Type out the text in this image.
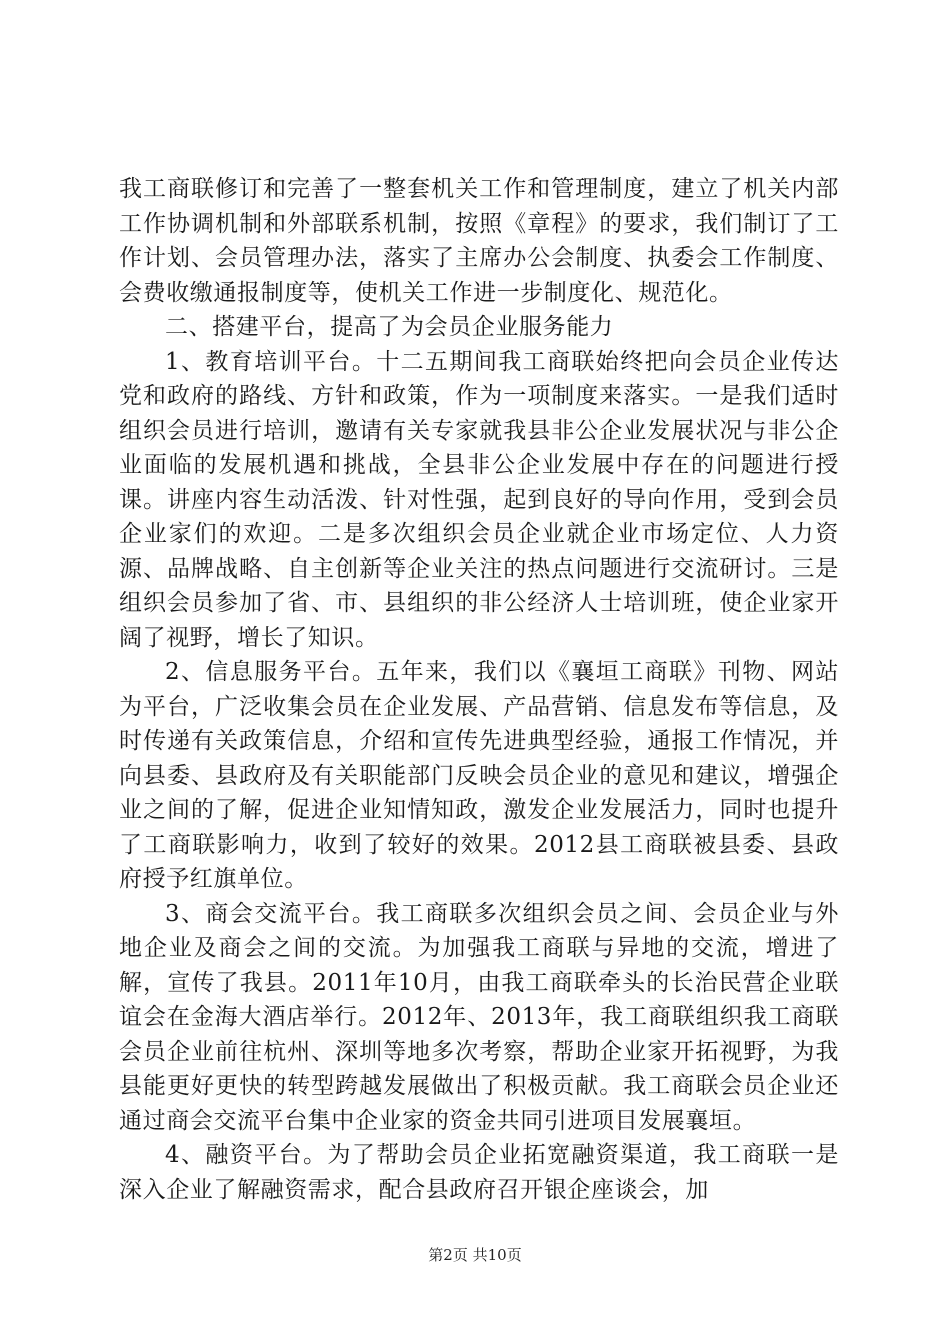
我工商联修订和完善了一整套机关工作和管理制度，建立了机关内部工作协调机制和外部联系机制，按照《章程》的要求，我们制订了工作计划、会员管理办法，落实了主席办公会制度、执委会工作制度、会费收缴通报制度等，使机关工作进一步制度化、规范化。

二、搭建平台，提高了为会员企业服务能力

1、教育培训平台。十二五期间我工商联始终把向会员企业传达党和政府的路线、方针和政策，作为一项制度来落实。一是我们适时组织会员进行培训，邀请有关专家就我县非公企业发展状况与非公企业面临的发展机遇和挑战，全县非公企业发展中存在的问题进行授课。讲座内容生动活泼、针对性强，起到良好的导向作用，受到会员企业家们的欢迎。二是多次组织会员企业就企业市场定位、人力资源、品牌战略、自主创新等企业关注的热点问题进行交流研讨。三是组织会员参加了省、市、县组织的非公经济人士培训班，使企业家开阔了视野，增长了知识。

2、信息服务平台。五年来，我们以《襄垣工商联》刊物、网站为平台，广泛收集会员在企业发展、产品营销、信息发布等信息，及时传递有关政策信息，介绍和宣传先进典型经验，通报工作情况，并向县委、县政府及有关职能部门反映会员企业的意见和建议，增强企业之间的了解，促进企业知情知政，激发企业发展活力，同时也提升了工商联影响力，收到了较好的效果。2012县工商联被县委、县政府授予红旗单位。

3、商会交流平台。我工商联多次组织会员之间、会员企业与外地企业及商会之间的交流。为加强我工商联与异地的交流，增进了解，宣传了我县。2011年10月，由我工商联牵头的长治民营企业联谊会在金海大酒店举行。2012年、2013年，我工商联组织我工商联会员企业前往杭州、深圳等地多次考察，帮助企业家开拓视野，为我县能更好更快的转型跨越发展做出了积极贡献。我工商联会员企业还通过商会交流平台集中企业家的资金共同引进项目发展襄垣。

4、融资平台。为了帮助会员企业拓宽融资渠道，我工商联一是深入企业了解融资需求，配合县政府召开银企座谈会，加

第2页 共10页
